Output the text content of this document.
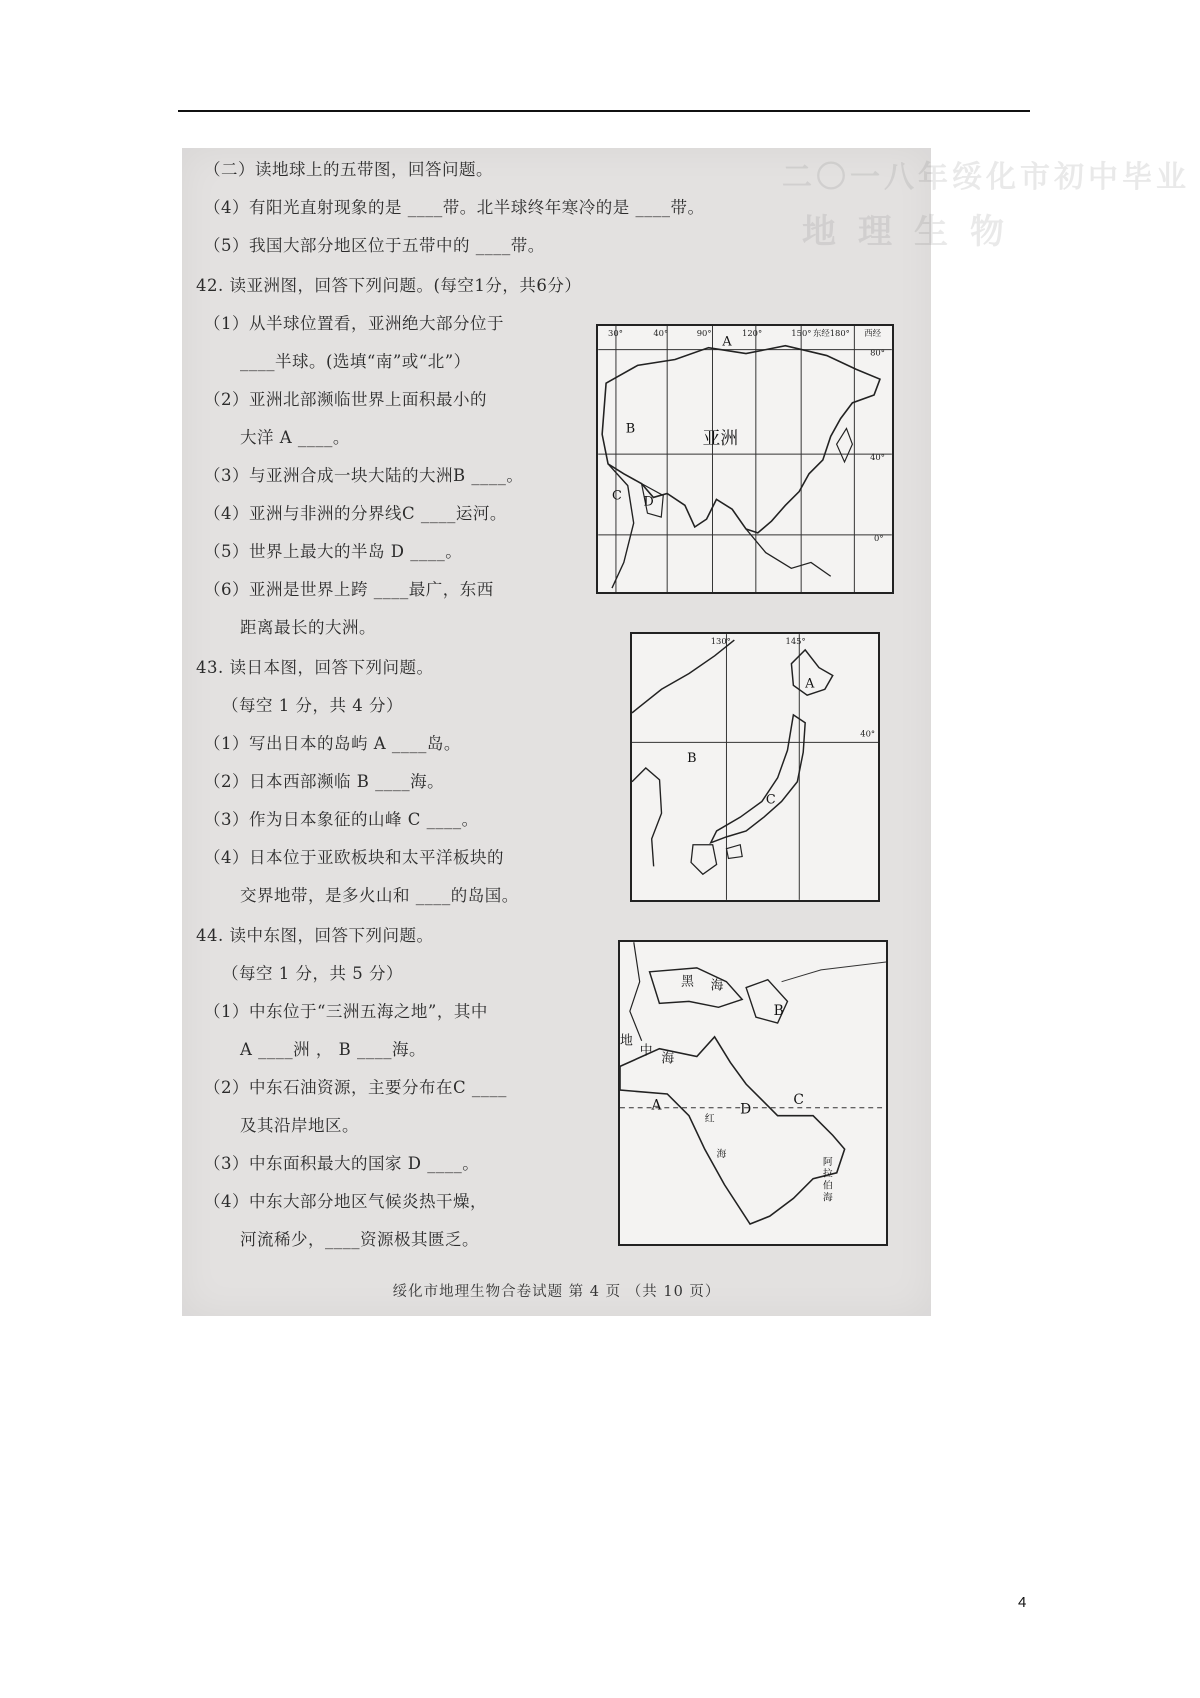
二〇一八年绥化市初中毕业
地理生物
（二）读地球上的五带图，回答问题。
（4）有阳光直射现象的是 ____带。北半球终年寒冷的是 ____带。
（5）我国大部分地区位于五带中的 ____带。
42. 读亚洲图，回答下列问题。(每空1分，共6分）
（1）从半球位置看，亚洲绝大部分位于
____半球。(选填“南”或“北”）
（2）亚洲北部濒临世界上面积最小的
大洋 A ____。
（3）与亚洲合成一块大陆的大洲B ____。
（4）亚洲与非洲的分界线C ____运河。
（5）世界上最大的半岛 D ____。
（6）亚洲是世界上跨 ____最广，东西
距离最长的大洲。
43. 读日本图，回答下列问题。
（每空 1 分，共 4 分）
（1）写出日本的岛屿 A ____岛。
（2）日本西部濒临 B ____海。
（3）作为日本象征的山峰 C ____。
（4）日本位于亚欧板块和太平洋板块的
交界地带，是多火山和 ____的岛国。
44. 读中东图，回答下列问题。
（每空 1 分，共 5 分）
（1）中东位于“三洲五海之地”，其中
A ____洲 ， B ____海。
（2）中东石油资源，主要分布在C ____
及其沿岸地区。
（3）中东面积最大的国家 D ____。
（4）中东大部分地区气候炎热干燥，
河流稀少，____资源极其匮乏。
30°	40°	90°	120°	150° 东经180° 西经
80°
40°
0°
亚洲
A
B
C D
130°	145°
40°
A
B
C
黑 海
地
中
海
阿
拉
伯
海
红
海
A
B
C
D
绥化市地理生物合卷试题 第 4 页 （共 10 页）
4
